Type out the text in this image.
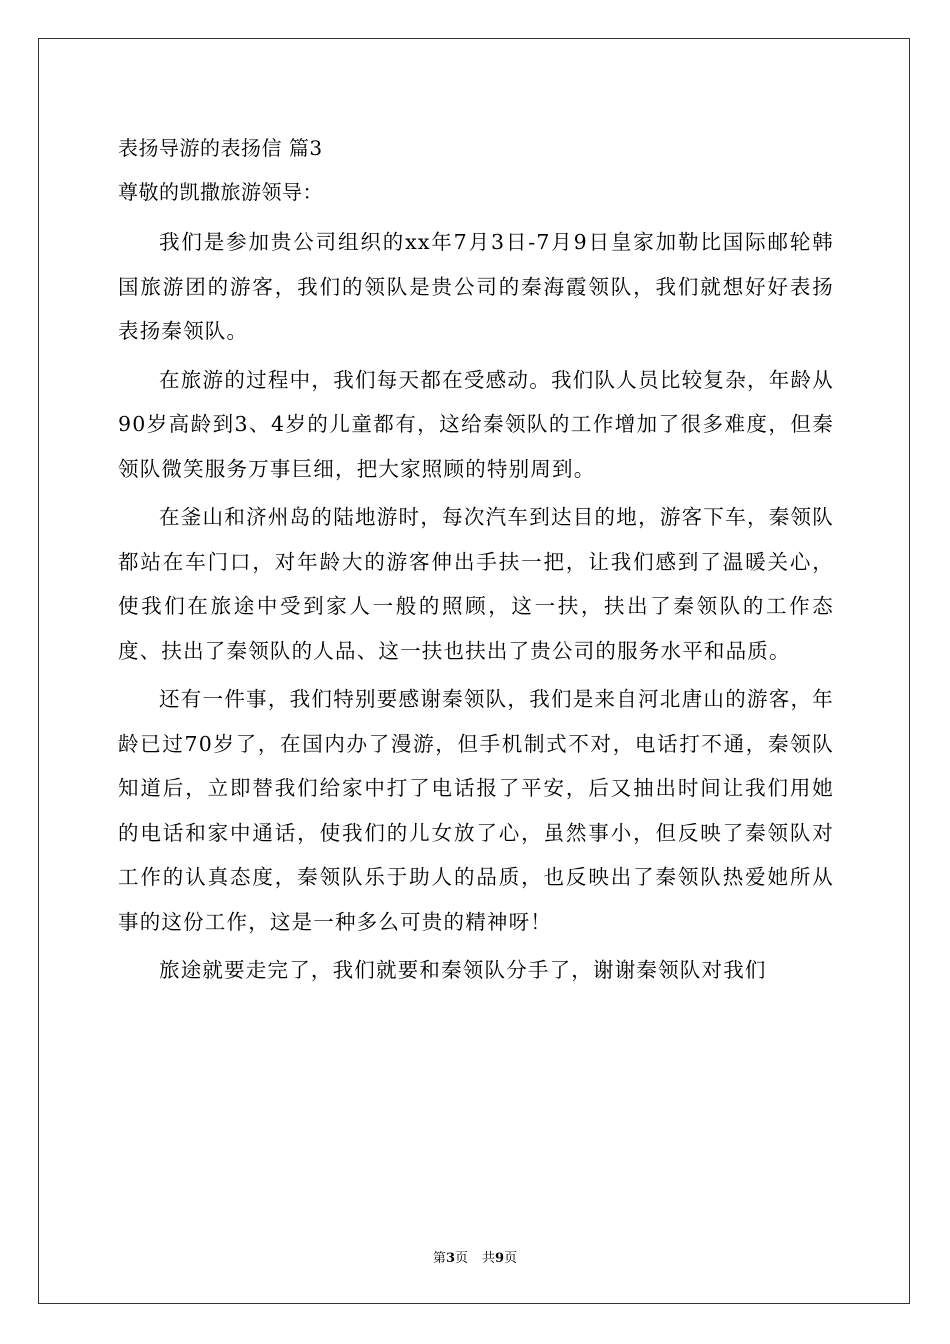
表扬导游的表扬信 篇3
尊敬的凯撒旅游领导：
我们是参加贵公司组织的xx年7月3日-7月9日皇家加勒比国际邮轮韩国旅游团的游客，我们的领队是贵公司的秦海霞领队，我们就想好好表扬表扬秦领队。
在旅游的过程中，我们每天都在受感动。我们队人员比较复杂，年龄从90岁高龄到3、4岁的儿童都有，这给秦领队的工作增加了很多难度，但秦领队微笑服务万事巨细，把大家照顾的特别周到。
在釜山和济州岛的陆地游时，每次汽车到达目的地，游客下车，秦领队都站在车门口，对年龄大的游客伸出手扶一把，让我们感到了温暖关心，使我们在旅途中受到家人一般的照顾，这一扶，扶出了秦领队的工作态度、扶出了秦领队的人品、这一扶也扶出了贵公司的服务水平和品质。
还有一件事，我们特别要感谢秦领队，我们是来自河北唐山的游客，年龄已过70岁了，在国内办了漫游，但手机制式不对，电话打不通，秦领队知道后，立即替我们给家中打了电话报了平安，后又抽出时间让我们用她的电话和家中通话，使我们的儿女放了心，虽然事小，但反映了秦领队对工作的认真态度，秦领队乐于助人的品质，也反映出了秦领队热爱她所从事的这份工作，这是一种多么可贵的精神呀！
旅途就要走完了，我们就要和秦领队分手了，谢谢秦领队对我们
第3页 共9页
